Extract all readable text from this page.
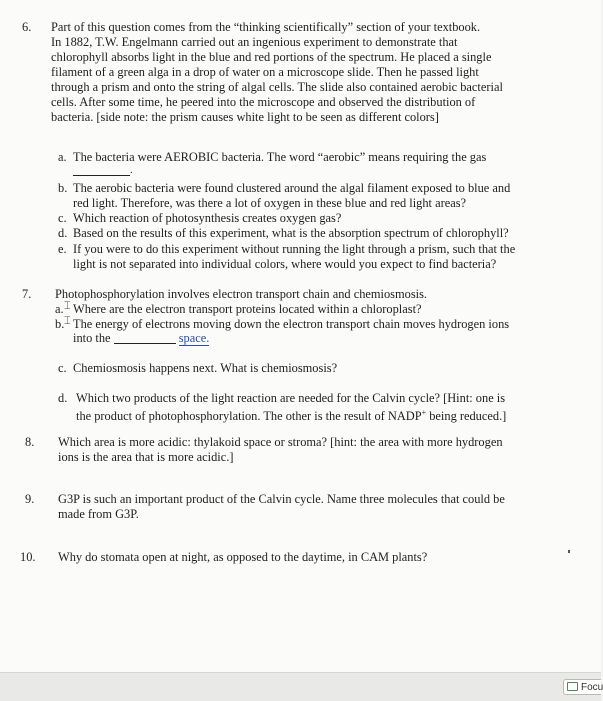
6. Part of this question comes from the “thinking scientifically” section of your textbook.
In 1882, T.W. Engelmann carried out an ingenious experiment to demonstrate that
chlorophyll absorbs light in the blue and red portions of the spectrum. He placed a single
filament of a green alga in a drop of water on a microscope slide. Then he passed light
through a prism and onto the string of algal cells. The slide also contained aerobic bacterial
cells. After some time, he peered into the microscope and observed the distribution of
bacteria. [side note: the prism causes white light to be seen as different colors]
a. The bacteria were AEROBIC bacteria. The word “aerobic” means requiring the gas
.
b. The aerobic bacteria were found clustered around the algal filament exposed to blue and
red light. Therefore, was there a lot of oxygen in these blue and red light areas?
c. Which reaction of photosynthesis creates oxygen gas?
d. Based on the results of this experiment, what is the absorption spectrum of chlorophyll?
e. If you were to do this experiment without running the light through a prism, such that the
light is not separated into individual colors, where would you expect to find bacteria?
7. Photophosphorylation involves electron transport chain and chemiosmosis.
a. ⌶ Where are the electron transport proteins located within a chloroplast?
b. ⌶ The energy of electrons moving down the electron transport chain moves hydrogen ions
into the	space.
c. Chemiosmosis happens next. What is chemiosmosis?
d. Which two products of the light reaction are needed for the Calvin cycle? [Hint: one is
the product of photophosphorylation. The other is the result of NADP+ being reduced.]
8. Which area is more acidic: thylakoid space or stroma? [hint: the area with more hydrogen
ions is the area that is more acidic.]
9. G3P is such an important product of the Calvin cycle. Name three molecules that could be
made from G3P.
10. Why do stomata open at night, as opposed to the daytime, in CAM plants?
Focu
